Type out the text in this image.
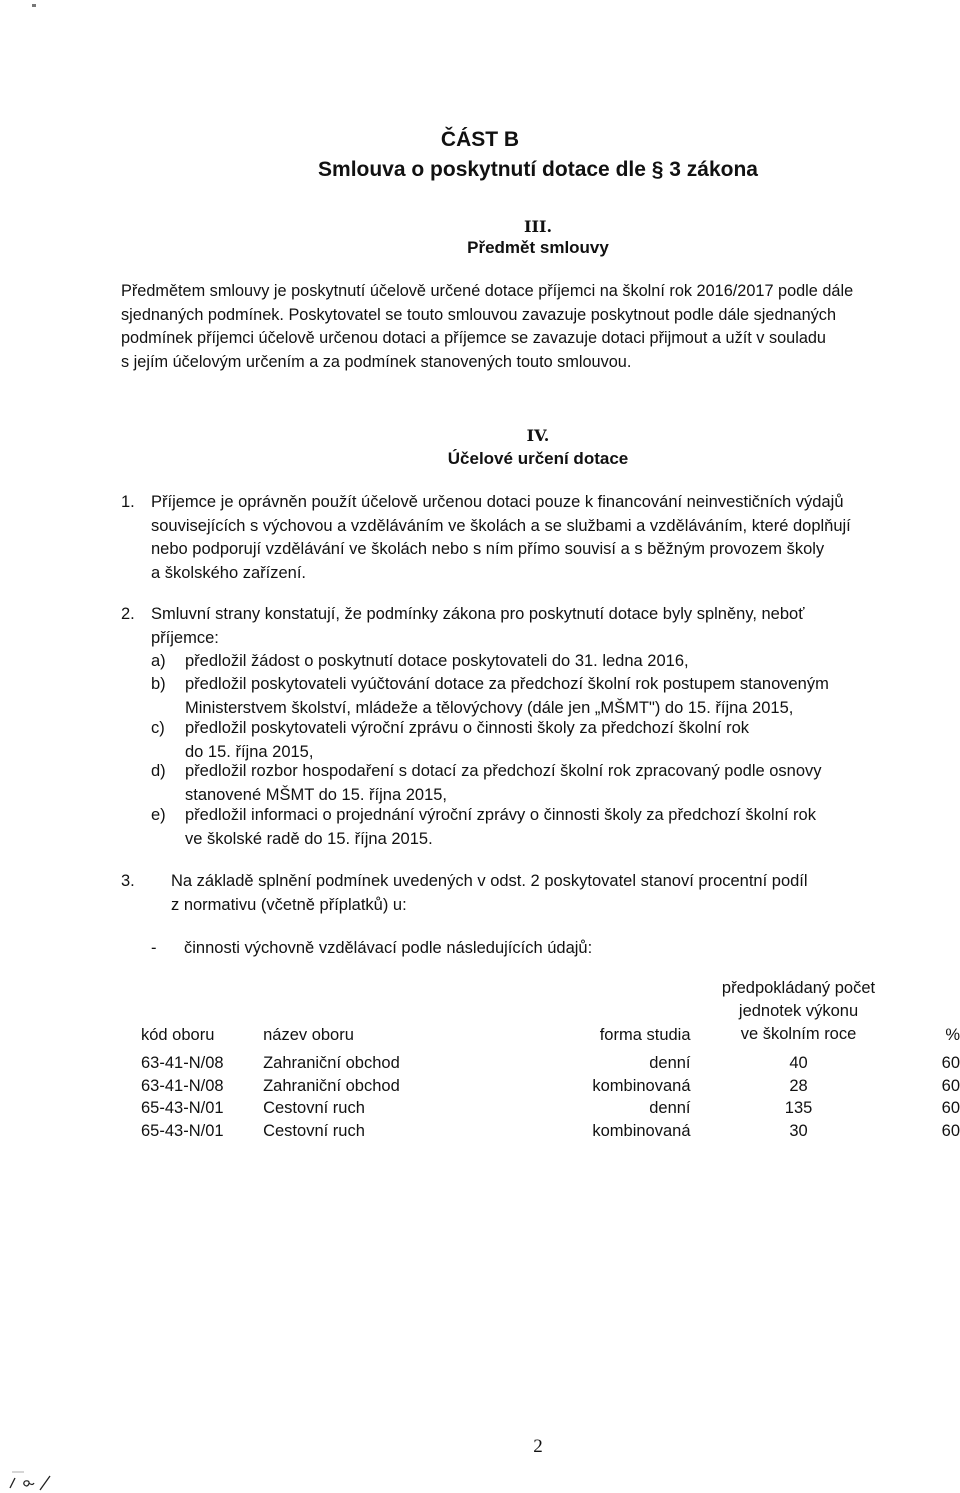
ČÁST B
Smlouva o poskytnutí dotace dle § 3 zákona
III.
Předmět smlouvy
Předmětem smlouvy je poskytnutí účelově určené dotace příjemci na školní rok 2016/2017 podle dále
sjednaných podmínek. Poskytovatel se touto smlouvou zavazuje poskytnout podle dále sjednaných
podmínek příjemci účelově určenou dotaci a příjemce se zavazuje dotaci přijmout a užít v souladu
s jejím účelovým určením a za podmínek stanovených touto smlouvou.
IV.
Účelové určení dotace
1. Příjemce je oprávněn použít účelově určenou dotaci pouze k financování neinvestičních výdajů
souvisejících s výchovou a vzděláváním ve školách a se službami a vzděláváním, které doplňují
nebo podporují vzdělávání ve školách nebo s ním přímo souvisí a s běžným provozem školy
a školského zařízení.
2. Smluvní strany konstatují, že podmínky zákona pro poskytnutí dotace byly splněny, neboť
příjemce:
a) předložil žádost o poskytnutí dotace poskytovateli do 31. ledna 2016,
b) předložil poskytovateli vyúčtování dotace za předchozí školní rok postupem stanoveným
Ministerstvem školství, mládeže a tělovýchovy (dále jen „MŠMT") do 15. října 2015,
c) předložil poskytovateli výroční zprávu o činnosti školy za předchozí školní rok
do 15. října 2015,
d) předložil rozbor hospodaření s dotací za předchozí školní rok zpracovaný podle osnovy
stanovené MŠMT do 15. října 2015,
e) předložil informaci o projednání výroční zprávy o činnosti školy za předchozí školní rok
ve školské radě do 15. října 2015.
3. Na základě splnění podmínek uvedených v odst. 2 poskytovatel stanoví procentní podíl
z normativu (včetně příplatků) u:
- činnosti výchovně vzdělávací podle následujících údajů:
kód oboru	název oboru	forma studia	předpokládaný počet
jednotek výkonu
ve školním roce	%
63-41-N/08	Zahraniční obchod	denní	40	60
63-41-N/08	Zahraniční obchod	kombinovaná	28	60
65-43-N/01	Cestovní ruch	denní	135	60
65-43-N/01	Cestovní ruch	kombinovaná	30	60
2
